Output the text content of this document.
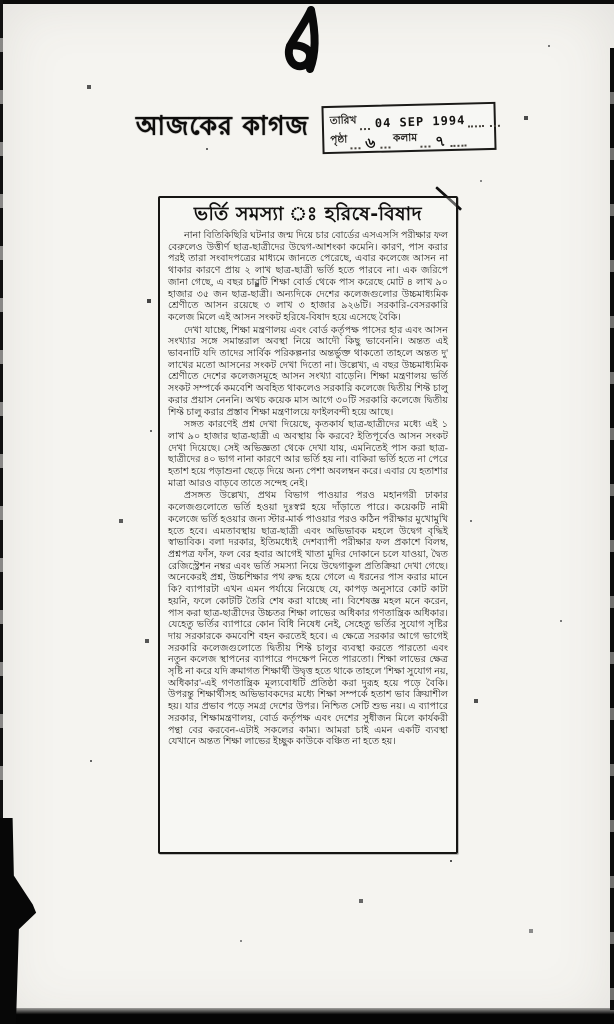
আজকের কাগজ তারিখ 04 SEP 1994
পৃষ্ঠা ৬ কলাম ৭
ভর্তি সমস্যা ঃ হরিষে-বিষাদ

নানা বিতিকিছিরি ঘটনার জন্ম দিয়ে চার বোর্ডের এসএসসি পরীক্ষার ফল বেরুলেও উত্তীর্ণ ছাত্র-ছাত্রীদের উদ্বেগ-আশংকা কমেনি। কারণ, পাস করার পরই তারা সংবাদপত্রের মাধ্যমে জানতে পেরেছে, এবার কলেজে আসন না থাকার কারণে প্রায় ২ লাখ ছাত্র-ছাত্রী ভর্তি হতে পারবে না। এক জরিপে জানা গেছে, এ বছর চারটি শিক্ষা বোর্ড থেকে পাস করেছে মোট ৪ লাখ ৯০ হাজার ৩৫ জন ছাত্র-ছাত্রী। অন্যদিকে দেশের কলেজগুলোর উচ্চমাধ্যমিক শ্রেণীতে আসন রয়েছে ৩ লাখ ৩ হাজার ৯২৬টি। সরকারি-বেসরকারি কলেজ মিলে এই আসন সংকট হরিষে-বিষাদ হয়ে এসেছে বৈকি।

দেখা যাচ্ছে, শিক্ষা মন্ত্রণালয় এবং বোর্ড কর্তৃপক্ষ পাসের হার এবং আসন সংখ্যার সঙ্গে সমান্তরাল অবস্থা নিয়ে আদৌ কিছু ভাবেননি। অন্তত এই ভাবনাটি যদি তাদের সার্বিক পরিকল্পনার অন্তর্ভুক্ত থাকতো তাহলে অন্তত দু' লাখের মতো আসনের সংকট দেখা দিতো না। উল্লেখ্য, এ বছর উচ্চমাধ্যমিক শ্রেণীতে দেশের কলেজসমূহে আসন সংখ্যা বাড়েনি। শিক্ষা মন্ত্রণালয় ভর্তি সংকট সম্পর্কে কমবেশি অবহিত থাকলেও সরকারি কলেজে দ্বিতীয় শিফ্ট চালু করার প্রয়াস নেননি। অথচ কয়েক মাস আগে ৩০টি সরকারি কলেজে দ্বিতীয় শিফ্ট চালু করার প্রস্তাব শিক্ষা মন্ত্রণালয়ে ফাইলবন্দী হয়ে আছে।

সঙ্গত কারণেই প্রশ্ন দেখা দিয়েছে, কৃতকার্য ছাত্র-ছাত্রীদের মধ্যে এই ১ লাখ ৯০ হাজার ছাত্র-ছাত্রী এ অবস্থায় কি করবে? ইতিপূর্বেও আসন সংকট দেখা দিয়েছে। সেই অভিজ্ঞতা থেকে দেখা যায়, এমনিতেই পাস করা ছাত্র-ছাত্রীদের ৪০ ভাগ নানা কারণে আর ভর্তি হয় না। বাকিরা ভর্তি হতে না পেরে হতাশ হয়ে পড়াশুনা ছেড়ে দিয়ে অন্য পেশা অবলম্বন করে। এবার যে হতাশার মাত্রা আরও বাড়বে তাতে সন্দেহ নেই।

প্রসঙ্গত উল্লেখ্য, প্রথম বিভাগ পাওয়ার পরও মহানগরী ঢাকার কলেজগুলোতে ভর্তি হওয়া দুঃস্বপ্ন হয়ে দাঁড়াতে পারে। কয়েকটি নামী কলেজে ভর্তি হওয়ার জন্য স্টার-মার্ক পাওয়ার পরও কঠিন পরীক্ষার মুখোমুখি হতে হবে। এমতাবস্থায় ছাত্র-ছাত্রী এবং অভিভাবক মহলে উদ্বেগ বৃদ্ধিই স্বাভাবিক। বলা দরকার, ইতিমধ্যেই দেশব্যাপী পরীক্ষার ফল প্রকাশে বিলম্ব, প্রশ্নপত্র ফাঁস, ফল বের হবার আগেই খাতা মুদির দোকানে চলে যাওয়া, দ্বৈত রেজিস্ট্রেশন নম্বর এবং ভর্তি সমস্যা নিয়ে উদ্বেগাকুল প্রতিক্রিয়া দেখা গেছে। অনেকেরই প্রশ্ন, উচ্চশিক্ষার পথ রুদ্ধ হয়ে গেলে এ ধরনের পাস করার মানে কি? ব্যাপারটা এখন এমন পর্যায়ে নিয়েছে যে, কাপড় অনুসারে কোট কাটা হয়নি, ফলে কোটটি তৈরি শেষ করা যাচ্ছে না। বিশেষজ্ঞ মহল মনে করেন, পাস করা ছাত্র-ছাত্রীদের উচ্চতর শিক্ষা লাভের অধিকার গণতান্ত্রিক অধিকার। যেহেতু ভর্তির ব্যাপারে কোন বিধি নিষেধ নেই, সেহেতু ভর্তির সুযোগ সৃষ্টির দায় সরকারকে কমবেশি বহন করতেই হবে। এ ক্ষেত্রে সরকার আগে ভাগেই সরকারি কলেজগুলোতে দ্বিতীয় শিফ্ট চালুর ব্যবস্থা করতে পারতো এবং নতুন কলেজ স্থাপনের ব্যাপারে পদক্ষেপ নিতে পারতো। শিক্ষা লাভের ক্ষেত্র সৃষ্টি না করে যদি ক্রমাগত শিক্ষার্থী উদ্বৃত্ত হতে থাকে তাহলে 'শিক্ষা সুযোগ নয়, অধিকার'-এই গণতান্ত্রিক মূল্যবোধটি প্রতিষ্ঠা করা দুরূহ হয়ে পড়ে বৈকি। উপরন্তু শিক্ষার্থীসহ অভিভাবকদের মধ্যে শিক্ষা সম্পর্কে হতাশ ভাব ক্রিয়াশীল হয়। যার প্রভাব পড়ে সমগ্র দেশের উপর। নিশ্চিত সেটি শুভ নয়। এ ব্যাপারে সরকার, শিক্ষামন্ত্রণালয়, বোর্ড কর্তৃপক্ষ এবং দেশের সুধীজন মিলে কার্যকরী পন্থা বের করবেন-এটাই সকলের কাম্য। আমরা চাই এমন একটি ব্যবস্থা যেখানে অন্তত শিক্ষা লাভের ইচ্ছুক কাউকে বঞ্চিত না হতে হয়।
